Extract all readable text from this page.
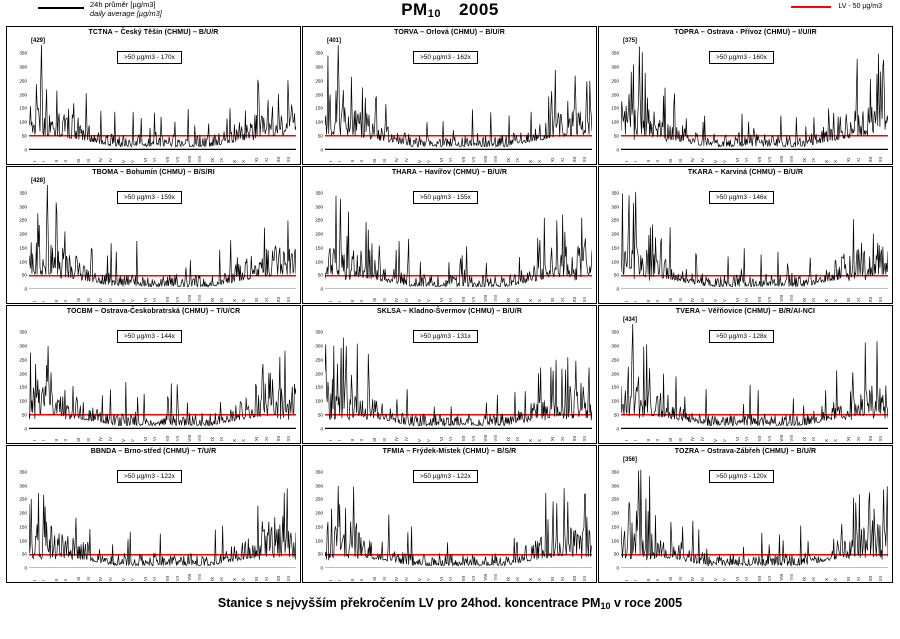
24h průměr [µg/m3]
daily average [µg/m3]	PM10 2005	LV - 50 µg/m3
TCTNA – Český Těšín (CHMU) – B/U/R
[429]
>50 µg/m3 - 170x
0
50
100
150
200
250
300
350
I I II II III III IV IV V V VI VI VII VII VIII VIII IX IX X X XI XI XII XII
TORVA – Orlová (CHMU) – B/U/R
[401]
>50 µg/m3 - 162x
0
50
100
150
200
250
300
350
I I II II III III IV IV V V VI VI VII VII VIII VIII IX IX X X XI XI XII XII
TOPRA – Ostrava - Přívoz (CHMU) – I/U/IR
[375]
>50 µg/m3 - 160x
0
50
100
150
200
250
300
350
I I II II III III IV IV V V VI VI VII VII VIII VIII IX IX X X XI XI XII XII
TBOMA – Bohumín (CHMU) – B/S/RI
[428]
>50 µg/m3 - 159x
0
50
100
150
200
250
300
350
I I II II III III IV IV V V VI VI VII VII VIII VIII IX IX X X XI XI XII XII
THARA – Havířov (CHMU) – B/U/R
>50 µg/m3 - 155x
0
50
100
150
200
250
300
350
I I II II III III IV IV V V VI VI VII VII VIII VIII IX IX X X XI XI XII XII
TKARA – Karviná (CHMU) – B/U/R
>50 µg/m3 - 146x
0
50
100
150
200
250
300
350
I I II II III III IV IV V V VI VI VII VII VIII VIII IX IX X X XI XI XII XII
TOCBM – Ostrava-Českobratrská (CHMU) – T/U/CR
>50 µg/m3 - 144x
0
50
100
150
200
250
300
350
I I II II III III IV IV V V VI VI VII VII VIII VIII IX IX X X XI XI XII XII
SKLSA – Kladno-Švermov (CHMU) – B/U/R
>50 µg/m3 - 131x
0
50
100
150
200
250
300
350
I I II II III III IV IV V V VI VI VII VII VIII VIII IX IX X X XI XI XII XII
TVERA – Věřňovice (CHMU) – B/R/AI-NCI
[434]
>50 µg/m3 - 128x
0
50
100
150
200
250
300
350
I I II II III III IV IV V V VI VI VII VII VIII VIII IX IX X X XI XI XII XII
BBNDA – Brno-střed (CHMU) – T/U/R
>50 µg/m3 - 122x
0
50
100
150
200
250
300
350
I I II II III III IV IV V V VI VI VII VII VIII VIII IX IX X X XI XI XII XII
TFMIA – Frýdek-Místek (CHMU) – B/S/R
>50 µg/m3 - 122x
0
50
100
150
200
250
300
350
I I II II III III IV IV V V VI VI VII VII VIII VIII IX IX X X XI XI XII XII
TOZRA – Ostrava-Zábřeh (CHMU) – B/U/R
[356]
>50 µg/m3 - 120x
0
50
100
150
200
250
300
350
I I II II III III IV IV V V VI VI VII VII VIII VIII IX IX X X XI XI XII XII
Stanice s nejvyšším překročením LV pro 24hod. koncentrace $PM_{10}$ v roce 2005
